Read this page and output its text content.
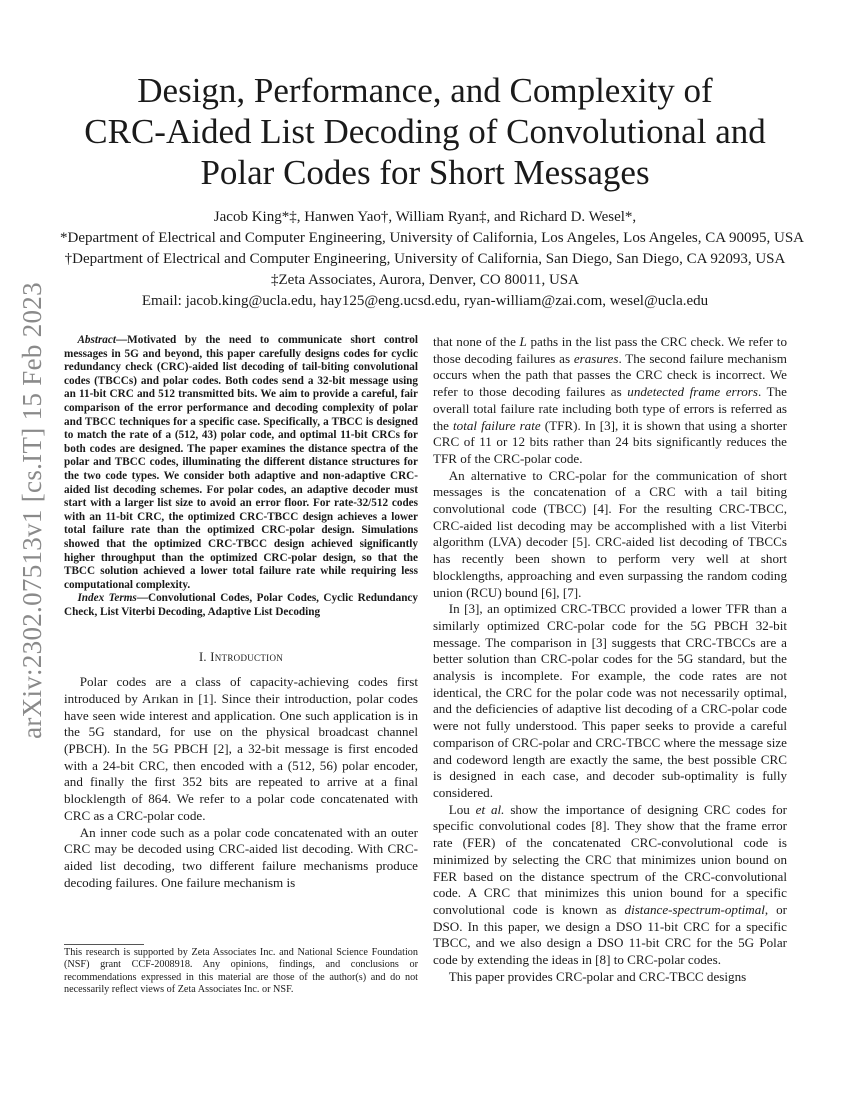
arXiv:2302.07513v1 [cs.IT] 15 Feb 2023
Design, Performance, and Complexity of
CRC-Aided List Decoding of Convolutional and
Polar Codes for Short Messages
Jacob King*‡, Hanwen Yao†, William Ryan‡, and Richard D. Wesel*,
*Department of Electrical and Computer Engineering, University of California, Los Angeles, Los Angeles, CA 90095, USA
†Department of Electrical and Computer Engineering, University of California, San Diego, San Diego, CA 92093, USA
‡Zeta Associates, Aurora, Denver, CO 80011, USA
Email: jacob.king@ucla.edu, hay125@eng.ucsd.edu, ryan-william@zai.com, wesel@ucla.edu

Abstract—Motivated by the need to communicate short control messages in 5G and beyond, this paper carefully designs codes for cyclic redundancy check (CRC)-aided list decoding of tail-biting convolutional codes (TBCCs) and polar codes. Both codes send a 32-bit message using an 11-bit CRC and 512 transmitted bits. We aim to provide a careful, fair comparison of the error performance and decoding complexity of polar and TBCC techniques for a specific case. Specifically, a TBCC is designed to match the rate of a (512, 43) polar code, and optimal 11-bit CRCs for both codes are designed. The paper examines the distance spectra of the polar and TBCC codes, illuminating the different distance structures for the two code types. We consider both adaptive and non-adaptive CRC-aided list decoding schemes. For polar codes, an adaptive decoder must start with a larger list size to avoid an error floor. For rate-32/512 codes with an 11-bit CRC, the optimized CRC-TBCC design achieves a lower total failure rate than the optimized CRC-polar design. Simulations showed that the optimized CRC-TBCC design achieved significantly higher throughput than the optimized CRC-polar design, so that the TBCC solution achieved a lower total failure rate while requiring less computational complexity.

Index Terms—Convolutional Codes, Polar Codes, Cyclic Redundancy Check, List Viterbi Decoding, Adaptive List Decoding

I. Introduction

Polar codes are a class of capacity-achieving codes first introduced by Arıkan in [1]. Since their introduction, polar codes have seen wide interest and application. One such application is in the 5G standard, for use on the physical broadcast channel (PBCH). In the 5G PBCH [2], a 32-bit message is first encoded with a 24-bit CRC, then encoded with a (512, 56) polar encoder, and finally the first 352 bits are repeated to arrive at a final blocklength of 864. We refer to a polar code concatenated with CRC as a CRC-polar code.

An inner code such as a polar code concatenated with an outer CRC may be decoded using CRC-aided list decoding. With CRC-aided list decoding, two different failure mechanisms produce decoding failures. One failure mechanism is

This research is supported by Zeta Associates Inc. and National Science Foundation (NSF) grant CCF-2008918. Any opinions, findings, and conclusions or recommendations expressed in this material are those of the author(s) and do not necessarily reflect views of Zeta Associates Inc. or NSF.

that none of the L paths in the list pass the CRC check. We refer to those decoding failures as erasures. The second failure mechanism occurs when the path that passes the CRC check is incorrect. We refer to those decoding failures as undetected frame errors. The overall total failure rate including both type of errors is referred as the total failure rate (TFR). In [3], it is shown that using a shorter CRC of 11 or 12 bits rather than 24 bits significantly reduces the TFR of the CRC-polar code.

An alternative to CRC-polar for the communication of short messages is the concatenation of a CRC with a tail biting convolutional code (TBCC) [4]. For the resulting CRC-TBCC, CRC-aided list decoding may be accomplished with a list Viterbi algorithm (LVA) decoder [5]. CRC-aided list decoding of TBCCs has recently been shown to perform very well at short blocklengths, approaching and even surpassing the random coding union (RCU) bound [6], [7].

In [3], an optimized CRC-TBCC provided a lower TFR than a similarly optimized CRC-polar code for the 5G PBCH 32-bit message. The comparison in [3] suggests that CRC-TBCCs are a better solution than CRC-polar codes for the 5G standard, but the analysis is incomplete. For example, the code rates are not identical, the CRC for the polar code was not necessarily optimal, and the deficiencies of adaptive list decoding of a CRC-polar code were not fully understood. This paper seeks to provide a careful comparison of CRC-polar and CRC-TBCC where the message size and codeword length are exactly the same, the best possible CRC is designed in each case, and decoder sub-optimality is fully considered.

Lou et al. show the importance of designing CRC codes for specific convolutional codes [8]. They show that the frame error rate (FER) of the concatenated CRC-convolutional code is minimized by selecting the CRC that minimizes union bound on FER based on the distance spectrum of the CRC-convolutional code. A CRC that minimizes this union bound for a specific convolutional code is known as distance-spectrum-optimal, or DSO. In this paper, we design a DSO 11-bit CRC for a specific TBCC, and we also design a DSO 11-bit CRC for the 5G Polar code by extending the ideas in [8] to CRC-polar codes.

This paper provides CRC-polar and CRC-TBCC designs
